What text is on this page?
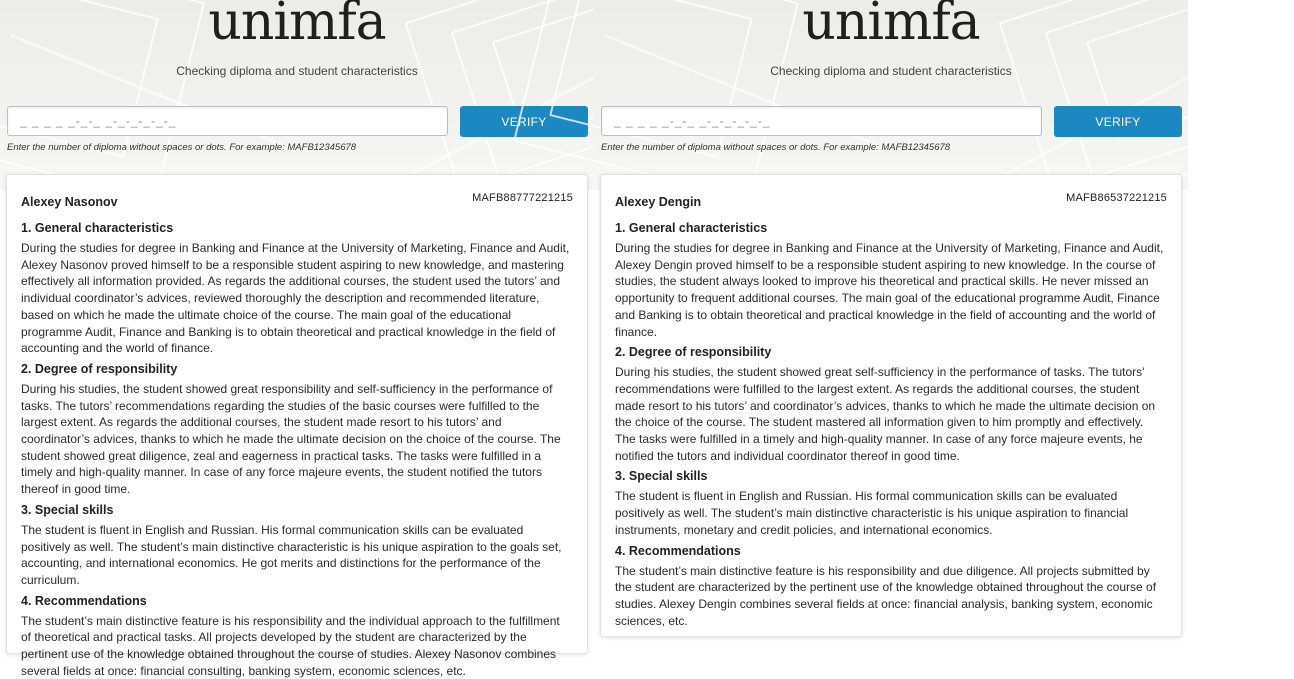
unimfa
Checking diploma and student characteristics
_ _ _ _ _-_-_ _-_-_-_-_-_	VERIFY
Enter the number of diploma without spaces or dots. For example: MAFB12345678
Alexey Nasonov	MAFB88777221215
1. General characteristics
During the studies for degree in Banking and Finance at the University of Marketing, Finance and Audit, Alexey Nasonov proved himself to be a responsible student aspiring to new knowledge, and mastering effectively all information provided. As regards the additional courses, the student used the tutors’ and individual coordinator’s advices, reviewed thoroughly the description and recommended literature, based on which he made the ultimate choice of the course. The main goal of the educational programme Audit, Finance and Banking is to obtain theoretical and practical knowledge in the field of accounting and the world of finance.
2. Degree of responsibility
During his studies, the student showed great responsibility and self-sufficiency in the performance of tasks. The tutors’ recommendations regarding the studies of the basic courses were fulfilled to the largest extent. As regards the additional courses, the student made resort to his tutors’ and coordinator’s advices, thanks to which he made the ultimate decision on the choice of the course. The student showed great diligence, zeal and eagerness in practical tasks. The tasks were fulfilled in a timely and high-quality manner. In case of any force majeure events, the student notified the tutors thereof in good time.
3. Special skills
The student is fluent in English and Russian. His formal communication skills can be evaluated positively as well. The student’s main distinctive characteristic is his unique aspiration to the goals set, accounting, and international economics. He got merits and distinctions for the performance of the curriculum.
4. Recommendations
The student’s main distinctive feature is his responsibility and the individual approach to the fulfillment of theoretical and practical tasks. All projects developed by the student are characterized by the pertinent use of the knowledge obtained throughout the course of studies. Alexey Nasonov combines several fields at once: financial consulting, banking system, economic sciences, etc.
unimfa
Checking diploma and student characteristics
_ _ _ _ _-_-_ _-_-_-_-_-_	VERIFY
Enter the number of diploma without spaces or dots. For example: MAFB12345678
Alexey Dengin	MAFB86537221215
1. General characteristics
During the studies for degree in Banking and Finance at the University of Marketing, Finance and Audit, Alexey Dengin proved himself to be a responsible student aspiring to new knowledge. In the course of studies, the student always looked to improve his theoretical and practical skills. He never missed an opportunity to frequent additional courses. The main goal of the educational programme Audit, Finance and Banking is to obtain theoretical and practical knowledge in the field of accounting and the world of finance.
2. Degree of responsibility
During his studies, the student showed great self-sufficiency in the performance of tasks. The tutors’ recommendations were fulfilled to the largest extent. As regards the additional courses, the student made resort to his tutors’ and coordinator’s advices, thanks to which he made the ultimate decision on the choice of the course. The student mastered all information given to him promptly and effectively. The tasks were fulfilled in a timely and high-quality manner. In case of any force majeure events, he notified the tutors and individual coordinator thereof in good time.
3. Special skills
The student is fluent in English and Russian. His formal communication skills can be evaluated positively as well. The student’s main distinctive characteristic is his unique aspiration to financial instruments, monetary and credit policies, and international economics.
4. Recommendations
The student’s main distinctive feature is his responsibility and due diligence. All projects submitted by the student are characterized by the pertinent use of the knowledge obtained throughout the course of studies. Alexey Dengin combines several fields at once: financial analysis, banking system, economic sciences, etc.
